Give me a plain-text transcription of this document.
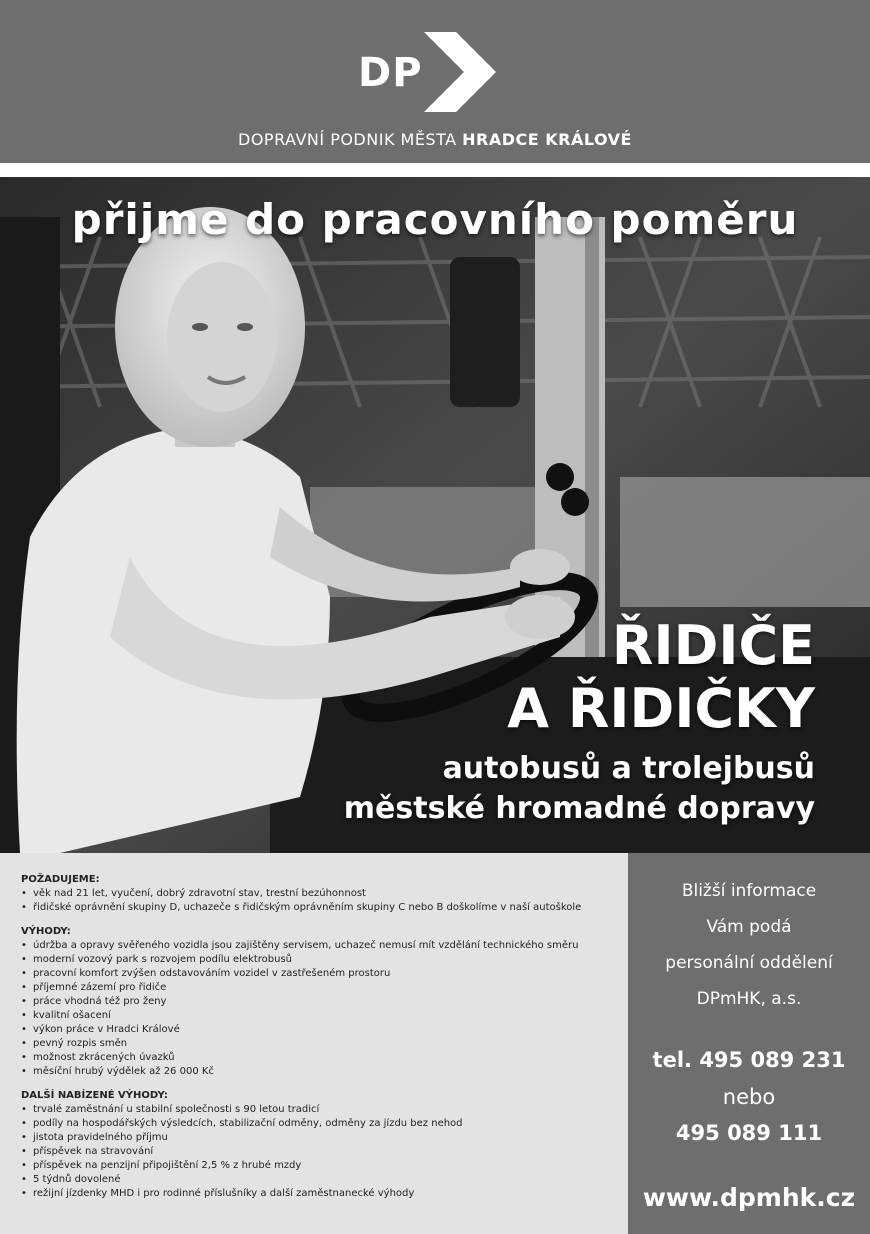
DP
DOPRAVNÍ PODNIK MĚSTA HRADCE KRÁLOVÉ
přijme do pracovního poměru
ŘIDIČE
A ŘIDIČKY
autobusů a trolejbusů
městské hromadné dopravy

POŽADUJEME:

• věk nad 21 let, vyučení, dobrý zdravotní stav, trestní bezúhonnost
• řidičské oprávnění skupiny D, uchazeče s řidičským oprávněním skupiny C nebo B doškolíme v naší autoškole

VÝHODY:

• údržba a opravy svěřeného vozidla jsou zajištěny servisem, uchazeč nemusí mít vzdělání technického směru
• moderní vozový park s rozvojem podílu elektrobusů
• pracovní komfort zvýšen odstavováním vozidel v zastřešeném prostoru
• příjemné zázemí pro řidiče
• práce vhodná též pro ženy
• kvalitní ošacení
• výkon práce v Hradci Králové
• pevný rozpis směn
• možnost zkrácených úvazků
• měsíční hrubý výdělek až 26 000 Kč

DALŠÍ NABÍZENÉ VÝHODY:

• trvalé zaměstnání u stabilní společnosti s 90 letou tradicí
• podíly na hospodářských výsledcích, stabilizační odměny, odměny za jízdu bez nehod
• jistota pravidelného příjmu
• příspěvek na stravování
• příspěvek na penzijní připojištění 2,5 % z hrubé mzdy
• 5 týdnů dovolené
• režijní jízdenky MHD i pro rodinné příslušníky a další zaměstnanecké výhody
Bližší informace
Vám podá
personální oddělení
DPmHK, a.s.
tel. 495 089 231
nebo
495 089 111
www.dpmhk.cz
